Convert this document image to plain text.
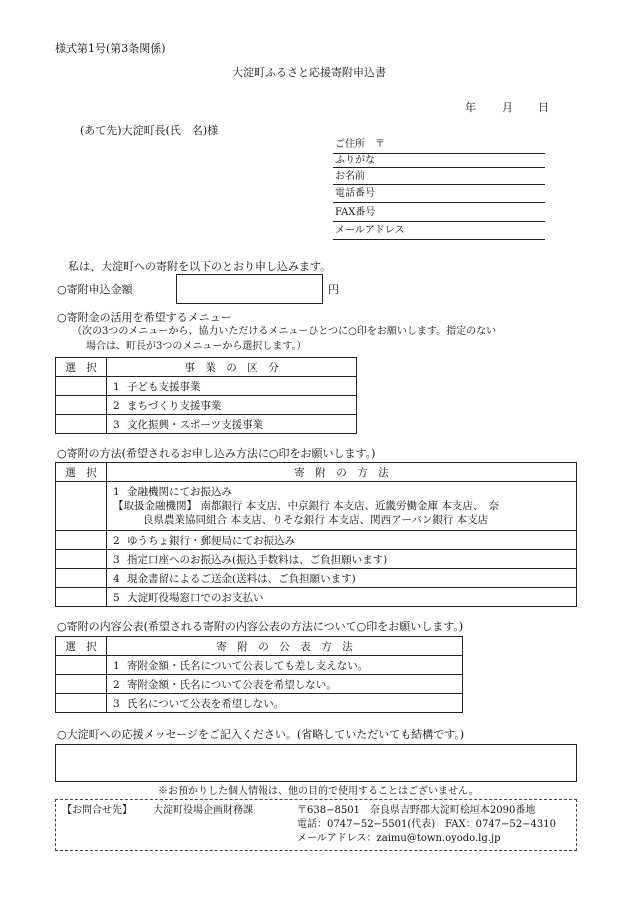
様式第1号(第3条関係)
大淀町ふるさと応援寄附申込書
年 月 日
(あて先)大淀町長(氏　名)様
ご住所　〒
ふりがな
お名前
電話番号
FAX番号
メールアドレス
私は、大淀町への寄附を以下のとおり申し込みます。
○寄附申込金額	円
○寄附金の活用を希望するメニュー
（次の3つのメニューから、協力いただけるメニューひとつに○印をお願いします。指定のない
場合は、町長が3つのメニューから選択します。）
選　択	事　業　の　区　分
	1 子ども支援事業
	2 まちづくり支援事業
	3 文化振興・スポーツ支援事業
○寄附の方法(希望されるお申し込み方法に○印をお願いします。)
選　択	寄　附　の　方　法

	1 金融機関にてお振込み
【取扱金融機関】 南都銀行 本支店、中京銀行 本支店、近畿労働金庫 本支店、　奈
良県農業協同組合 本支店、りそな銀行 本支店、関西アーバン銀行 本支店

	2 ゆうちょ銀行・郵便局にてお振込み
	3 指定口座へのお振込み(振込手数料は、ご負担願います)
	4 現金書留によるご送金(送料は、ご負担願います)
	5 大淀町役場窓口でのお支払い
○寄附の内容公表(希望される寄附の内容公表の方法について○印をお願いします。)
選　択	寄　附　の　公　表　方　法
	1 寄附金額・氏名について公表しても差し支えない。
	2 寄附金額・氏名について公表を希望しない。
	3 氏名について公表を希望しない。
○大淀町への応援メッセージをご記入ください。(省略していただいても結構です。)
※お預かりした個人情報は、他の目的で使用することはございません。
【お問合せ先】 大淀町役場企画財務課	〒638−8501　奈良県吉野郡大淀町桧垣本2090番地
電話：0747−52−5501(代表)　FAX：0747−52−4310
メールアドレス：zaimu@town.oyodo.lg.jp
